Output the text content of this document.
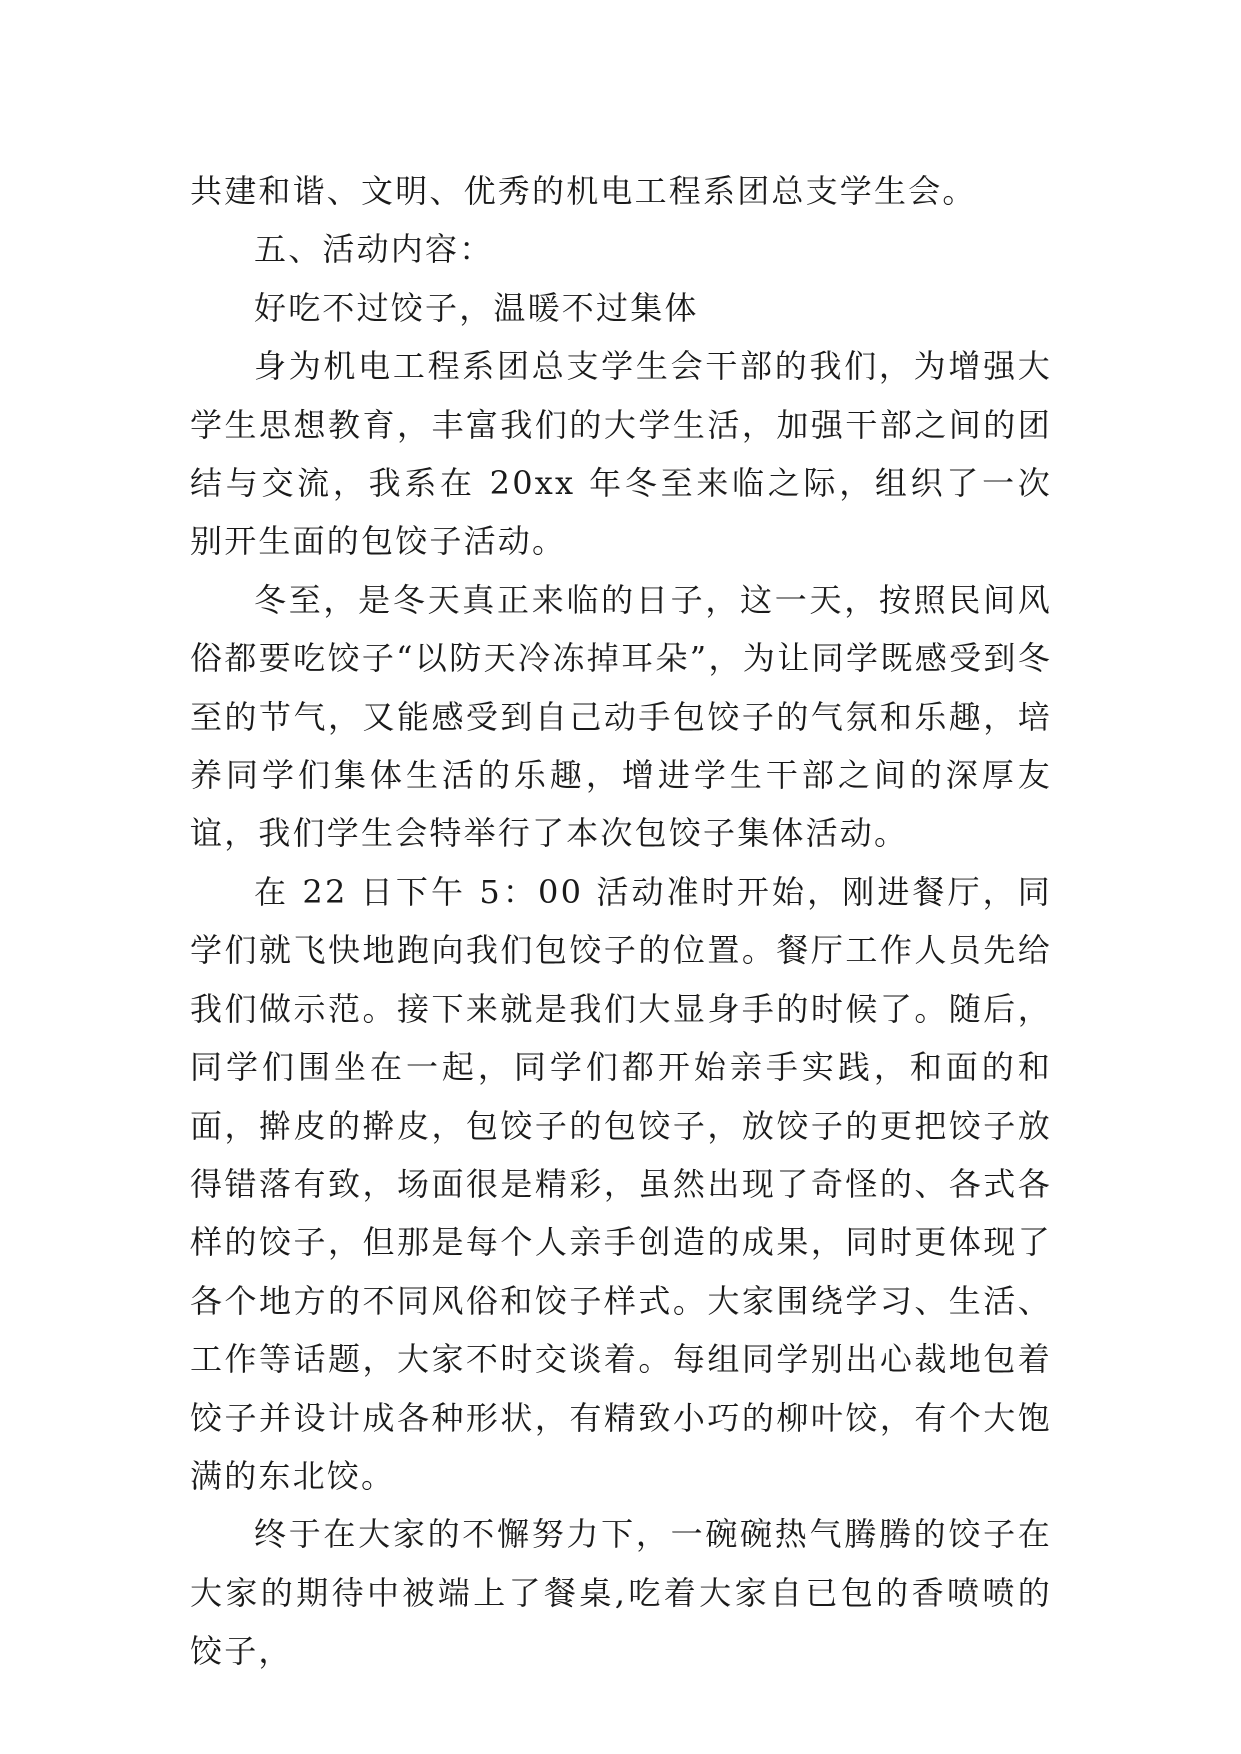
共建和谐、文明、优秀的机电工程系团总支学生会。

五、活动内容：

好吃不过饺子，温暖不过集体

身为机电工程系团总支学生会干部的我们，为增强大学生思想教育，丰富我们的大学生活，加强干部之间的团结与交流，我系在 20xx 年冬至来临之际，组织了一次别开生面的包饺子活动。

冬至，是冬天真正来临的日子，这一天，按照民间风俗都要吃饺子“以防天冷冻掉耳朵”，为让同学既感受到冬至的节气，又能感受到自己动手包饺子的气氛和乐趣，培养同学们集体生活的乐趣，增进学生干部之间的深厚友谊，我们学生会特举行了本次包饺子集体活动。

在 22 日下午 5：00 活动准时开始，刚进餐厅，同学们就飞快地跑向我们包饺子的位置。餐厅工作人员先给我们做示范。接下来就是我们大显身手的时候了。随后，同学们围坐在一起，同学们都开始亲手实践，和面的和面，擀皮的擀皮，包饺子的包饺子，放饺子的更把饺子放得错落有致，场面很是精彩，虽然出现了奇怪的、各式各样的饺子，但那是每个人亲手创造的成果，同时更体现了各个地方的不同风俗和饺子样式。大家围绕学习、生活、工作等话题，大家不时交谈着。每组同学别出心裁地包着饺子并设计成各种形状，有精致小巧的柳叶饺，有个大饱满的东北饺。

终于在大家的不懈努力下，一碗碗热气腾腾的饺子在大家的期待中被端上了餐桌,吃着大家自已包的香喷喷的饺子，
